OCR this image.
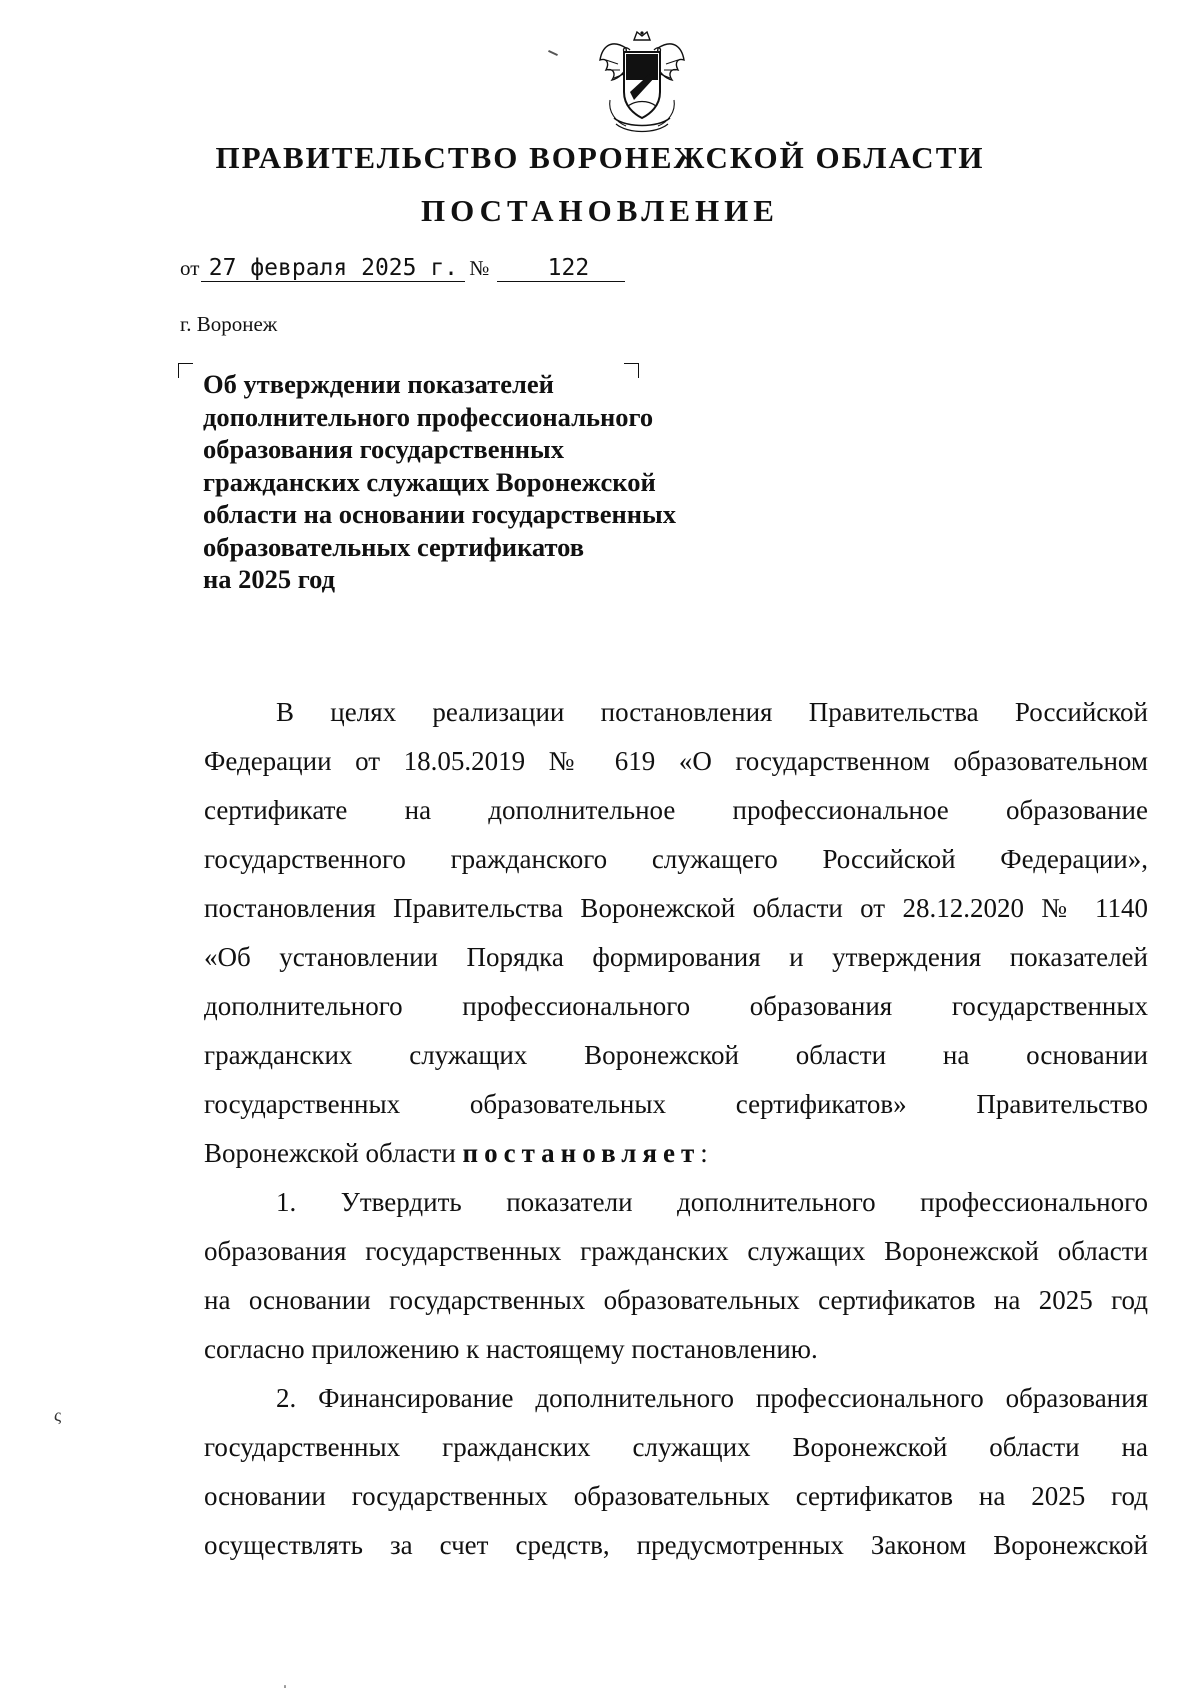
ПРАВИТЕЛЬСТВО ВОРОНЕЖСКОЙ ОБЛАСТИ
ПОСТАНОВЛЕНИЕ
от 27 февраля 2025 г. №	122
г. Воронеж
Об утверждении показателей
дополнительного профессионального
образования государственных
гражданских служащих Воронежской
области на основании государственных
образовательных сертификатов
на 2025 год
В целях реализации постановления Правительства Российской
Федерации от 18.05.2019 № 619 «О государственном образовательном
сертификате на дополнительное профессиональное образование
государственного гражданского служащего Российской Федерации»,
постановления Правительства Воронежской области от 28.12.2020 № 1140
«Об установлении Порядка формирования и утверждения показателей
дополнительного профессионального образования государственных
гражданских служащих Воронежской области на основании
государственных образовательных сертификатов» Правительство
Воронежской области постановляет:
1. Утвердить показатели дополнительного профессионального
образования государственных гражданских служащих Воронежской области
на основании государственных образовательных сертификатов на 2025 год
согласно приложению к настоящему постановлению.
2. Финансирование дополнительного профессионального образования
государственных гражданских служащих Воронежской области на
основании государственных образовательных сертификатов на 2025 год
осуществлять за счет средств, предусмотренных Законом Воронежской
ς
ˌ
